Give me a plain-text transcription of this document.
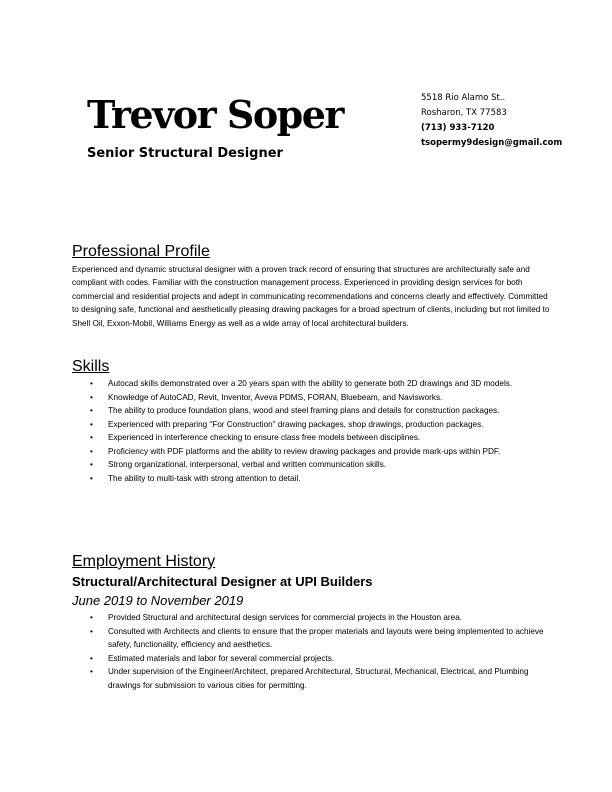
Trevor Soper

Senior Structural Designer

5518 Rio Alamo St..
Rosharon, TX 77583
(713) 933-7120
tsopermy9design@gmail.com
Professional Profile

Experienced and dynamic structural designer with a proven track record of ensuring that structures are architecturally safe and compliant with codes. Familiar with the construction management process. Experienced in providing design services for both commercial and residential projects and adept in communicating recommendations and concerns clearly and effectively. Committed to designing safe, functional and aesthetically pleasing drawing packages for a broad spectrum of clients, including but not limited to Shell Oil, Exxon-Mobil, Williams Energy as well as a wide array of local architectural builders.

Skills
• Autocad skills demonstrated over a 20 years span with the ability to generate both 2D drawings and 3D models.
• Knowledge of AutoCAD, Revit, Inventor, Aveva PDMS, FORAN, Bluebeam, and Navisworks.
• The ability to produce foundation plans, wood and steel framing plans and details for construction packages.
• Experienced with preparing “For Construction” drawing packages, shop drawings, production packages.
• Experienced in interference checking to ensure class free models between disciplines.
• Proficiency with PDF platforms and the ability to review drawing packages and provide mark-ups within PDF.
• Strong organizational, interpersonal, verbal and written communication skills.
• The ability to multi-task with strong attention to detail.
Employment History

Structural/Architectural Designer at UPI Builders

June 2019 to November 2019

• Provided Structural and architectural design services for commercial projects in the Houston area.
• Consulted with Architects and clients to ensure that the proper materials and layouts were being implemented to achieve safety, functionality, efficiency and aesthetics.
• Estimated materials and labor for several commercial projects.
• Under supervision of the Engineer/Architect, prepared Architectural, Structural, Mechanical, Electrical, and Plumbing drawings for submission to various cities for permitting.
